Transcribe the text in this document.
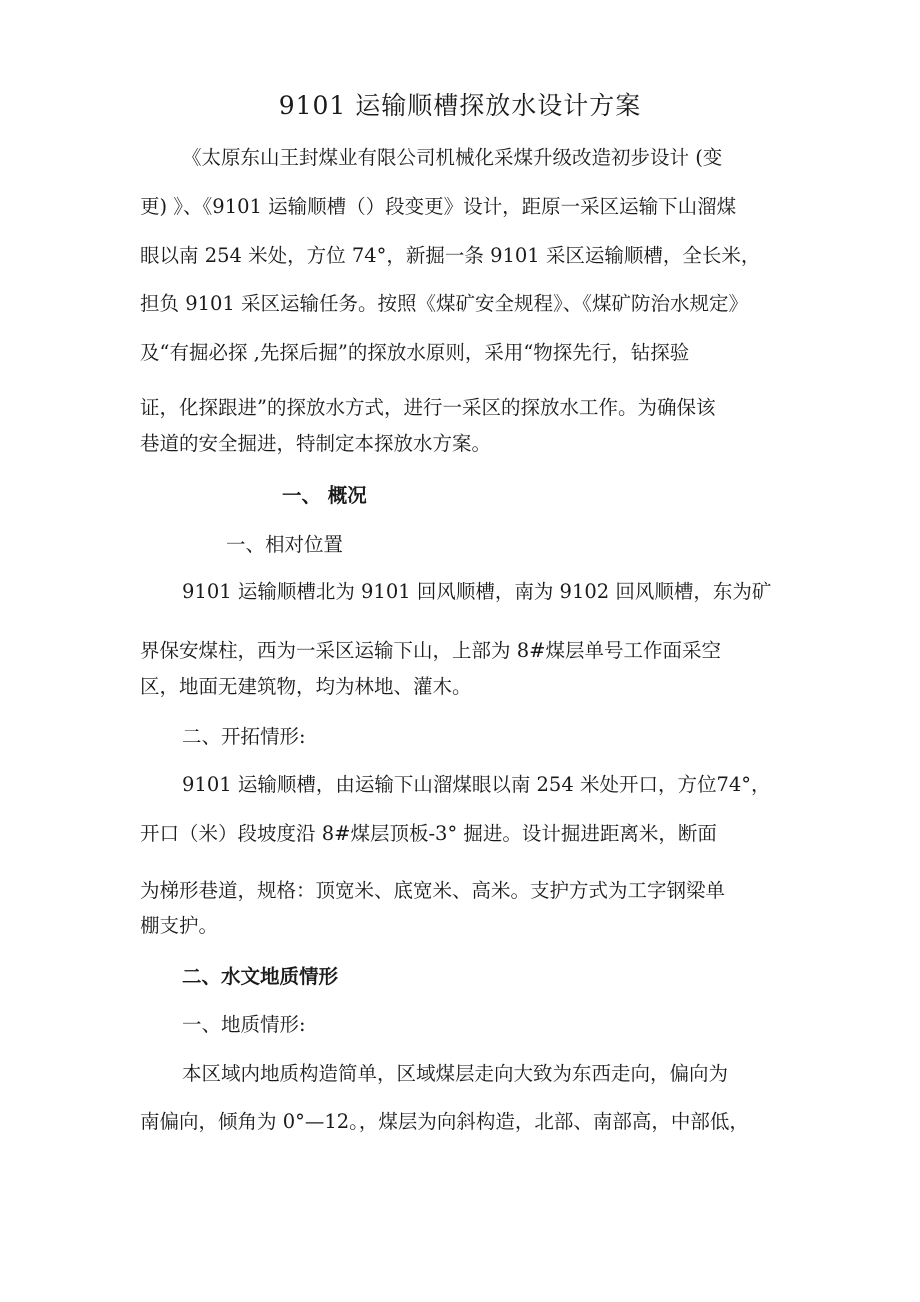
9101 运输顺槽探放水设计方案

《太原东山王封煤业有限公司机械化采煤升级改造初步设计 (变

更) 》、《9101 运输顺槽（）段变更》设计，距原一采区运输下山溜煤

眼以南 254 米处，方位 74°，新掘一条 9101 采区运输顺槽，全长米，

担负 9101 采区运输任务。按照《煤矿安全规程》、《煤矿防治水规定》

及“有掘必探 ,先探后掘”的探放水原则，采用“物探先行，钻探验

证，化探跟进”的探放水方式，进行一采区的探放水工作。为确保该

巷道的安全掘进，特制定本探放水方案。

一、 概况

一、相对位置

9101 运输顺槽北为 9101 回风顺槽，南为 9102 回风顺槽，东为矿

界保安煤柱，西为一采区运输下山，上部为 8#煤层单号工作面采空

区，地面无建筑物，均为林地、灌木。

二、开拓情形:

9101 运输顺槽，由运输下山溜煤眼以南 254 米处开口，方位74°，

开口（米）段坡度沿 8#煤层顶板-3° 掘进。设计掘进距离米，断面

为梯形巷道，规格：顶宽米、底宽米、高米。支护方式为工字钢梁单

棚支护。

二、水文地质情形

一、地质情形:

本区域内地质构造简单，区域煤层走向大致为东西走向，偏向为

南偏向，倾角为 0°—12。，煤层为向斜构造，北部、南部高，中部低，
